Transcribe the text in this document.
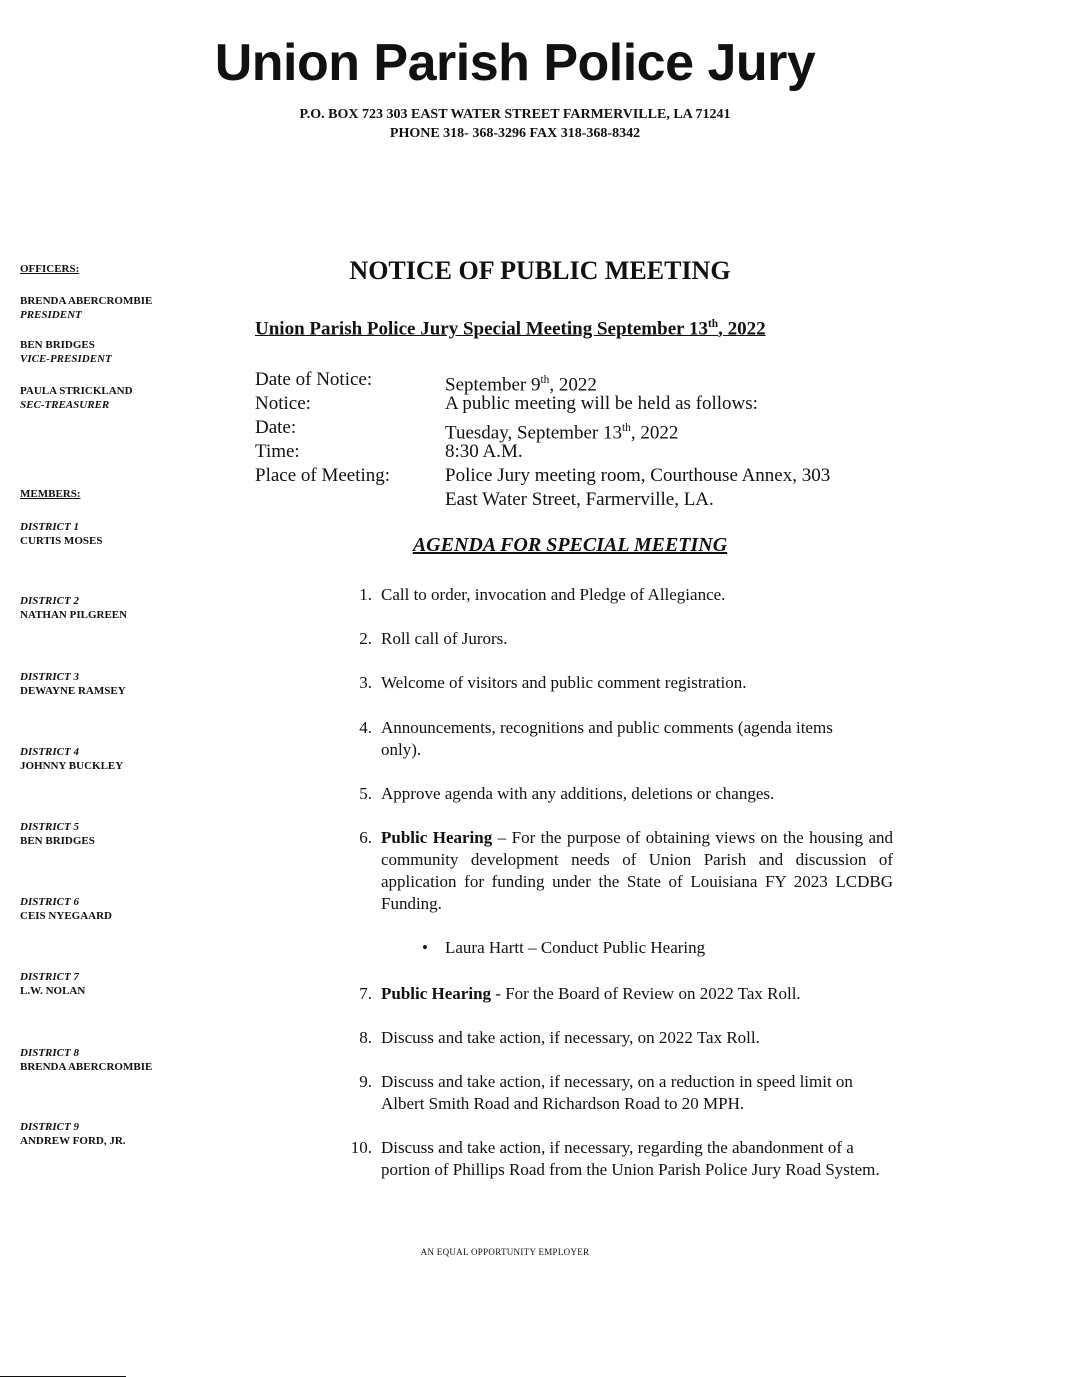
Union Parish Police Jury
P.O. BOX 723 303 EAST WATER STREET FARMERVILLE, LA 71241
PHONE 318- 368-3296 FAX 318-368-8342
OFFICERS:
BRENDA ABERCROMBIE
PRESIDENT
BEN BRIDGES
VICE-PRESIDENT
PAULA STRICKLAND
SEC-TREASURER
MEMBERS:
DISTRICT 1
CURTIS MOSES
DISTRICT 2
NATHAN PILGREEN
DISTRICT 3
DEWAYNE RAMSEY
DISTRICT 4
JOHNNY BUCKLEY
DISTRICT 5
BEN BRIDGES
DISTRICT 6
CEIS NYEGAARD
DISTRICT 7
L.W. NOLAN
DISTRICT 8
BRENDA ABERCROMBIE
DISTRICT 9
ANDREW FORD, JR.
NOTICE OF PUBLIC MEETING
Union Parish Police Jury Special Meeting September 13th, 2022
Date of Notice:	September 9th, 2022
Notice:	A public meeting will be held as follows:
Date:	Tuesday, September 13th, 2022
Time:	8:30 A.M.
Place of Meeting:	Police Jury meeting room, Courthouse Annex, 303
East Water Street, Farmerville, LA.
AGENDA FOR SPECIAL MEETING
1. Call to order, invocation and Pledge of Allegiance.
2. Roll call of Jurors.
3. Welcome of visitors and public comment registration.
4. Announcements, recognitions and public comments (agenda items only).
5. Approve agenda with any additions, deletions or changes.
6. Public Hearing – For the purpose of obtaining views on the housing and community development needs of Union Parish and discussion of application for funding under the State of Louisiana FY 2023 LCDBG Funding.
• Laura Hartt – Conduct Public Hearing
7. Public Hearing - For the Board of Review on 2022 Tax Roll.
8. Discuss and take action, if necessary, on 2022 Tax Roll.
9. Discuss and take action, if necessary, on a reduction in speed limit on Albert Smith Road and Richardson Road to 20 MPH.
10. Discuss and take action, if necessary, regarding the abandonment of a portion of Phillips Road from the Union Parish Police Jury Road System.
AN EQUAL OPPORTUNITY EMPLOYER
